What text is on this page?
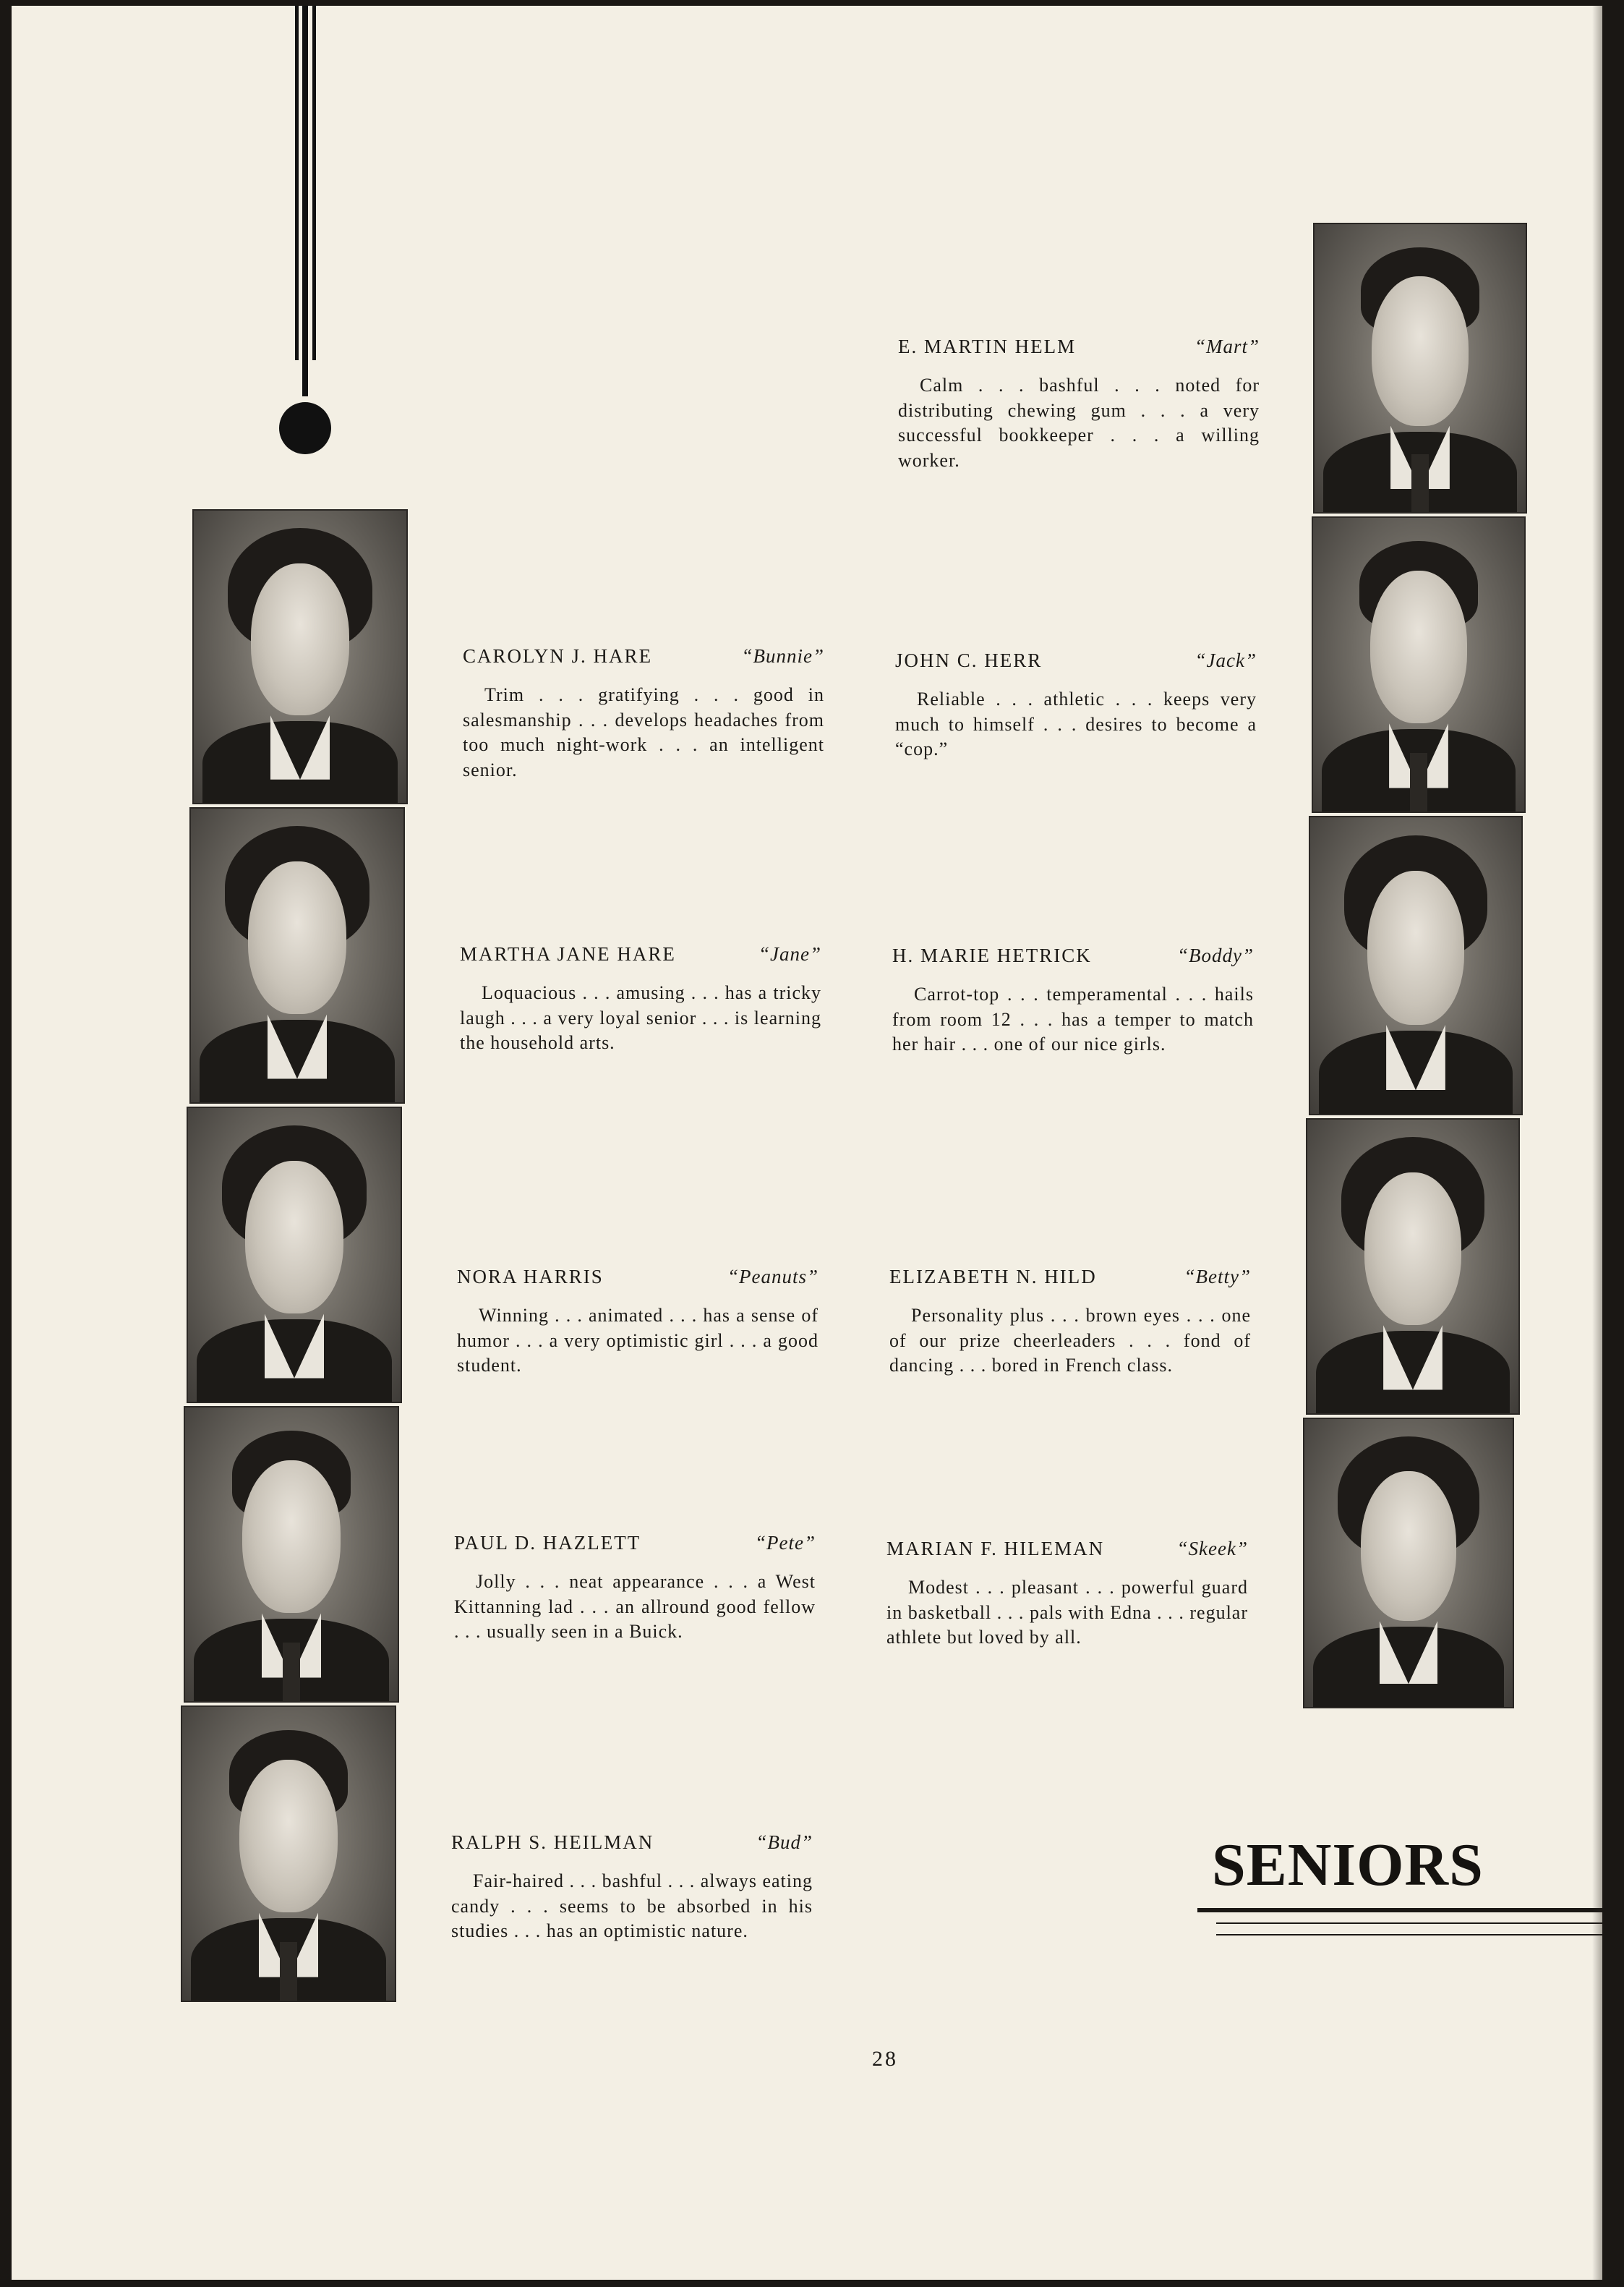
E. MARTIN HELM	“Mart”
Calm . . . bashful . . . noted for distributing chewing gum . . . a very successful bookkeeper . . . a willing worker.
CAROLYN J. HARE	“Bunnie”
Trim . . . gratifying . . . good in salesmanship . . . develops headaches from too much night-work . . . an intelligent senior.
JOHN C. HERR	“Jack”
Reliable . . . athletic . . . keeps very much to himself . . . desires to become a “cop.”
MARTHA JANE HARE	“Jane”
Loquacious . . . amusing . . . has a tricky laugh . . . a very loyal senior . . . is learning the household arts.
H. MARIE HETRICK	“Boddy”
Carrot-top . . . temperamental . . . hails from room 12 . . . has a temper to match her hair . . . one of our nice girls.
NORA HARRIS	“Peanuts”
Winning . . . animated . . . has a sense of humor . . . a very optimistic girl . . . a good student.
ELIZABETH N. HILD	“Betty”
Personality plus . . . brown eyes . . . one of our prize cheerleaders . . . fond of dancing . . . bored in French class.
PAUL D. HAZLETT	“Pete”
Jolly . . . neat appearance . . . a West Kittanning lad . . . an allround good fellow . . . usually seen in a Buick.
MARIAN F. HILEMAN	“Skeek”
Modest . . . pleasant . . . powerful guard in basketball . . . pals with Edna . . . regular athlete but loved by all.
RALPH S. HEILMAN	“Bud”
Fair-haired . . . bashful . . . always eating candy . . . seems to be absorbed in his studies . . . has an optimistic nature.
SENIORS
28
